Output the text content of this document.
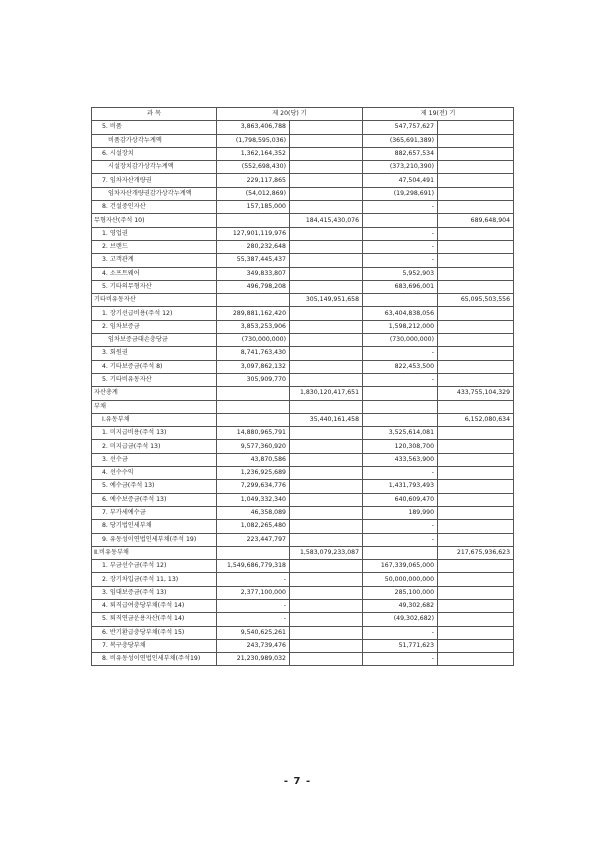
과 목	제 20(당) 기		제 19(전) 기	
5. 비품	3,863,406,788		547,757,627	
비품감가상각누계액	(1,798,595,036)		(365,691,389)	
6. 시설장치	1,362,164,352		882,657,534	
시설장치감가상각누계액	(552,698,430)		(373,210,390)	
7. 임차자산개량권	229,117,865		47,504,491	
임차자산개량권감가상각누계액	(54,012,869)		(19,298,691)	
8. 건설중인자산	157,185,000		-	
무형자산(주석 10)		184,415,430,076		689,648,904
1. 영업권	127,901,119,976		-	
2. 브랜드	280,232,648		-	
3. 고객관계	55,387,445,437		-	
4. 소프트웨어	349,833,807		5,952,903	
5. 기타의무형자산	496,798,208		683,696,001	
기타비유동자산		305,149,951,658		65,095,503,556
1. 장기선급비용(주석 12)	289,881,162,420		63,404,838,056	
2. 임차보증금	3,853,253,906		1,598,212,000	
임차보증금대손충당금	(730,000,000)		(730,000,000)	
3. 회원권	8,741,763,430		-	
4. 기타보증금(주석 8)	3,097,862,132		822,453,500	
5. 기타비유동자산	305,909,770		-	
자산총계		1,830,120,417,651		433,755,104,329
부채				
Ⅰ.유동부채		35,440,161,458		6,152,080,634
1. 미지급비용(주석 13)	14,880,965,791		3,525,614,081	
2. 미지급금(주석 13)	9,577,360,920		120,308,700	
3. 선수금	43,870,586		433,563,900	
4. 선수수익	1,236,925,689		-	
5. 예수금(주석 13)	7,299,634,776		1,431,793,493	
6. 예수보증금(주석 13)	1,049,332,340		640,609,470	
7. 부가세예수금	46,358,089		189,990	
8. 당기법인세부채	1,082,265,480		-	
9. 유동성이연법인세부채(주석 19)	223,447,797		-	
Ⅱ.비유동부채		1,583,079,233,087		217,675,936,623
1. 부금선수금(주석 12)	1,549,686,779,318		167,339,065,000	
2. 장기차입금(주석 11, 13)	-		50,000,000,000	
3. 임대보증금(주석 13)	2,377,100,000		285,100,000	
4. 퇴직급여충당부채(주석 14)	-		49,302,682	
5. 퇴직연금운용자산(주석 14)	-		(49,302,682)	
6. 반기환급충당부채(주석 15)	9,540,625,261		-	
7. 복구충당부채	243,739,476		51,771,623	
8. 비유동성이연법인세부채(주석19)	21,230,989,032		-	
- 7 -
